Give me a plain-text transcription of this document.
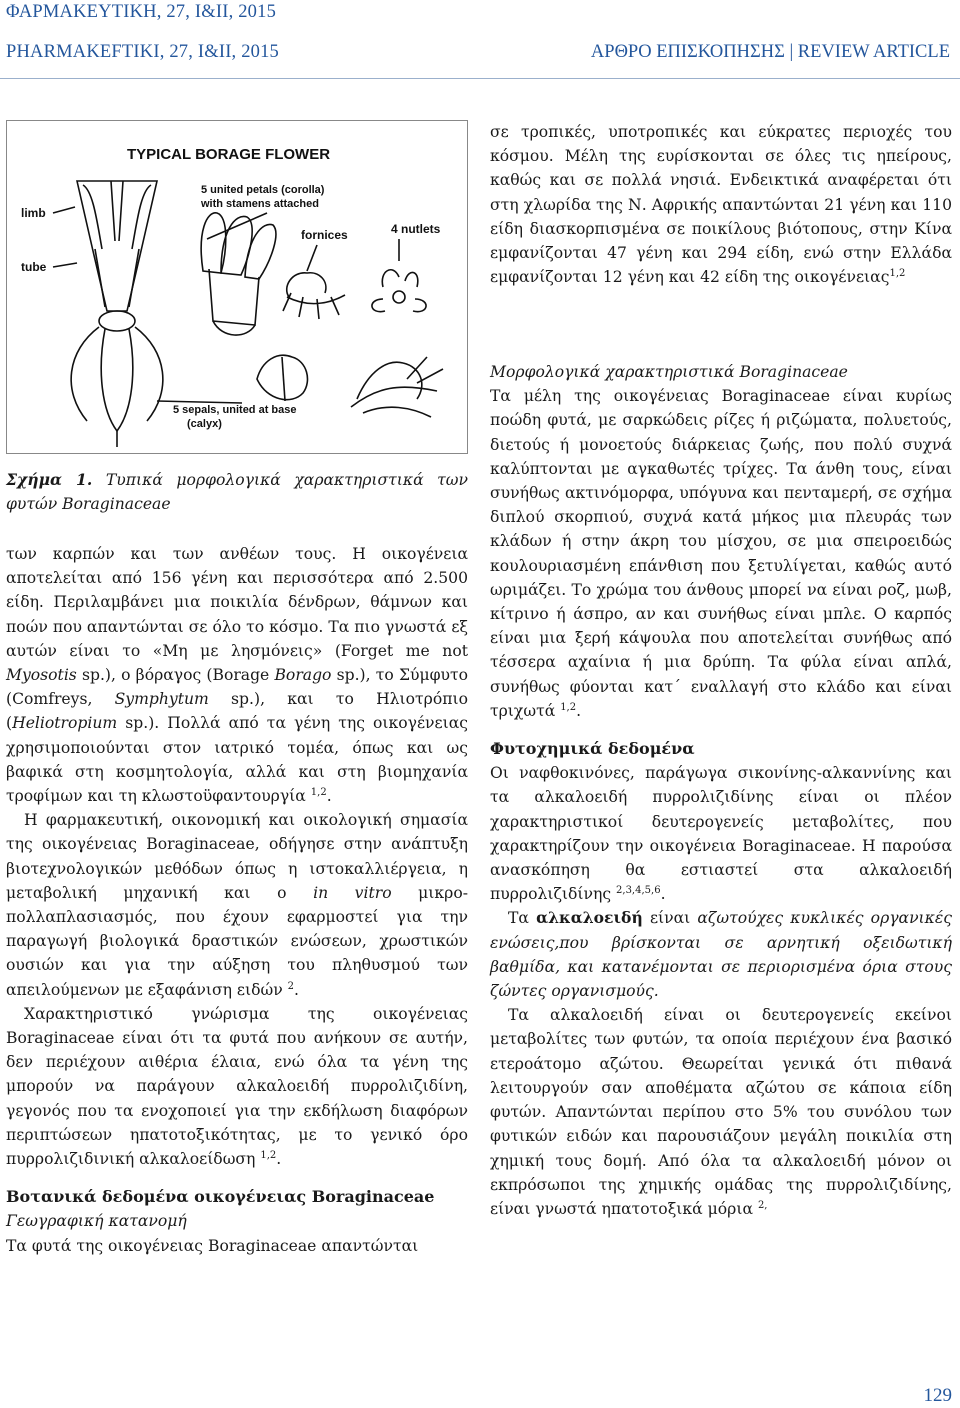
ΦΑΡΜΑΚΕΥΤΙΚΗ, 27, I&II, 2015
PHARMAKEFTIKI, 27, I&II, 2015	ΑΡΘΡΟ ΕΠΙΣΚΟΠΗΣΗΣ | REVIEW ARTICLE
TYPICAL BORAGE FLOWER
limb
tube
5 united petals (corolla)
with stamens attached
fornices	4 nutlets
5 sepals, united at base
(calyx)

Σχήμα 1. Τυπικά μορφολογικά χαρακτηριστικά των φυτών Boraginaceae

των καρπών και των ανθέων τους. Η οικογένεια αποτελείται από 156 γένη και περισσότερα από 2.500 είδη. Περιλαμβάνει μια ποικιλία δένδρων, θάμνων και ποών που απαντώνται σε όλο το κόσμο. Τα πιο γνωστά εξ αυτών είναι το «Μη με λησμόνεις» (Forget me not Myosotis sp.), ο βόραγος (Borage Borago sp.), το Σύμφυτο (Comfreys, Symphytum sp.), και το Ηλιοτρόπιο (Heliotropium sp.). Πολλά από τα γένη της οικογένειας χρησιμοποιούνται στον ιατρικό τομέα, όπως και ως βαφικά στη κοσμητολογία, αλλά και στη βιομηχανία τροφίμων και τη κλωστοϋφαντουργία $^{1,2}$.

Η φαρμακευτική, οικονομική και οικολογική σημασία της οικογένειας Boraginaceae, οδήγησε στην ανάπτυξη βιοτεχνολογικών μεθόδων όπως η ιστοκαλλιέργεια, η μεταβολική μηχανική και ο in vitro μικρο-πολλαπλασιασμός, που έχουν εφαρμοστεί για την παραγωγή βιολογικά δραστικών ενώσεων, χρωστικών ουσιών και για την αύξηση του πληθυσμού των απειλούμενων με εξαφάνιση ειδών $^2$.

Χαρακτηριστικό γνώρισμα της οικογένειας Boraginaceae είναι ότι τα φυτά που ανήκουν σε αυτήν, δεν περιέχουν αιθέρια έλαια, ενώ όλα τα γένη της μπορούν να παράγουν αλκαλοειδή πυρρολιζιδίνη, γεγονός που τα ενοχοποιεί για την εκδήλωση διαφόρων περιπτώσεων ηπατοτοξικότητας, με το γενικό όρο πυρρολιζιδινική αλκαλοείδωση $^{1,2}$.

Βοτανικά δεδομένα οικογένειας Boraginaceae

Γεωγραφική κατανομή

Τα φυτά της οικογένειας Boraginaceae απαντώνται

σε τροπικές, υποτροπικές και εύκρατες περιοχές του κόσμου. Μέλη της ευρίσκονται σε όλες τις ηπείρους, καθώς και σε πολλά νησιά. Ενδεικτικά αναφέρεται ότι στη χλωρίδα της Ν. Αφρικής απαντώνται 21 γένη και 110 είδη διασκορπισμένα σε ποικίλους βιότοπους, στην Κίνα εμφανίζονται 47 γένη και 294 είδη, ενώ στην Ελλάδα εμφανίζονται 12 γένη και 42 είδη της οικογένειας$^{1,2}$

Μορφολογικά χαρακτηριστικά Boraginaceae

Τα μέλη της οικογένειας Boraginaceae είναι κυρίως ποώδη φυτά, με σαρκώδεις ρίζες ή ριζώματα, πολυετούς, διετούς ή μονοετούς διάρκειας ζωής, που πολύ συχνά καλύπτονται με αγκαθωτές τρίχες. Τα άνθη τους, είναι συνήθως ακτινόμορφα, υπόγυνα και πενταμερή, σε σχήμα διπλού σκορπιού, συχνά κατά μήκος μια πλευράς των κλάδων ή στην άκρη του μίσχου, σε μια σπειροειδώς κουλουριασμένη επάνθιση που ξετυλίγεται, καθώς αυτό ωριμάζει. Το χρώμα του άνθους μπορεί να είναι ροζ, μωβ, κίτρινο ή άσπρο, αν και συνήθως είναι μπλε. Ο καρπός είναι μια ξερή κάψουλα που αποτελείται συνήθως από τέσσερα αχαίνια ή μια δρύπη. Τα φύλα είναι απλά, συνήθως φύονται κατ΄ εναλλαγή στο κλάδο και είναι τριχωτά $^{1,2}$.

Φυτοχημικά δεδομένα

Οι ναφθοκινόνες, παράγωγα σικονίνης-αλκαννίνης και τα αλκαλοειδή πυρρολιζιδίνης είναι οι πλέον χαρακτηριστικοί δευτερογενείς μεταβολίτες, που χαρακτηρίζουν την οικογένεια Boraginaceae. Η παρούσα ανασκόπηση θα εστιαστεί στα αλκαλοειδή πυρρολιζιδίνης $^{2,3,4,5,6}$.

Τα αλκαλοειδή είναι αζωτούχες κυκλικές οργανικές ενώσεις,που βρίσκονται σε αρνητική οξειδωτική βαθμίδα, και κατανέμονται σε περιορισμένα όρια στους ζώντες οργανισμούς.

Τα αλκαλοειδή είναι οι δευτερογενείς εκείνοι μεταβολίτες των φυτών, τα οποία περιέχουν ένα βασικό ετεροάτομο αζώτου. Θεωρείται γενικά ότι πιθανά λειτουργούν σαν αποθέματα αζώτου σε κάποια είδη φυτών. Απαντώνται περίπου στο 5% του συνόλου των φυτικών ειδών και παρουσιάζουν μεγάλη ποικιλία στη χημική τους δομή. Από όλα τα αλκαλοειδή μόνον οι εκπρόσωποι της χημικής ομάδας της πυρρολιζιδίνης, είναι γνωστά ηπατοτοξικά μόρια $^{2,}$

129
